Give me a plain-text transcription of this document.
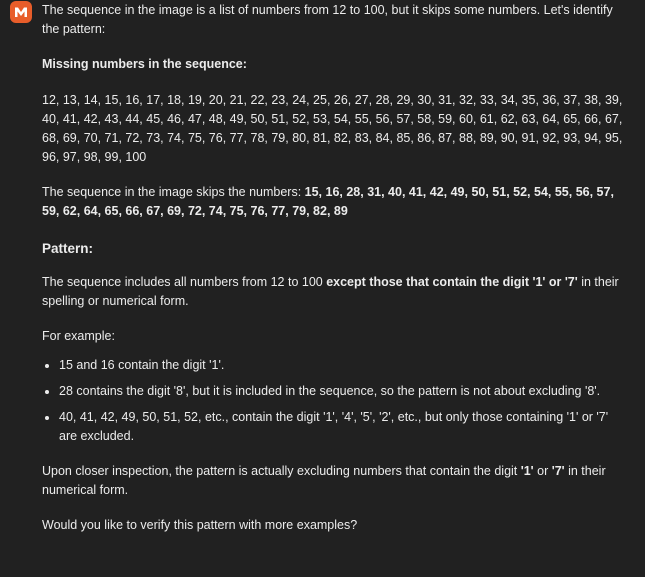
The sequence in the image is a list of numbers from 12 to 100, but it skips some numbers. Let's identify the pattern:

Missing numbers in the sequence:

12, 13, 14, 15, 16, 17, 18, 19, 20, 21, 22, 23, 24, 25, 26, 27, 28, 29, 30, 31, 32, 33, 34, 35, 36, 37, 38, 39, 40, 41, 42, 43, 44, 45, 46, 47, 48, 49, 50, 51, 52, 53, 54, 55, 56, 57, 58, 59, 60, 61, 62, 63, 64, 65, 66, 67, 68, 69, 70, 71, 72, 73, 74, 75, 76, 77, 78, 79, 80, 81, 82, 83, 84, 85, 86, 87, 88, 89, 90, 91, 92, 93, 94, 95, 96, 97, 98, 99, 100

The sequence in the image skips the numbers: 15, 16, 28, 31, 40, 41, 42, 49, 50, 51, 52, 54, 55, 56, 57, 59, 62, 64, 65, 66, 67, 69, 72, 74, 75, 76, 77, 79, 82, 89

Pattern:

The sequence includes all numbers from 12 to 100 except those that contain the digit '1' or '7' in their spelling or numerical form.

For example:

• 15 and 16 contain the digit '1'.
• 28 contains the digit '8', but it is included in the sequence, so the pattern is not about excluding '8'.
• 40, 41, 42, 49, 50, 51, 52, etc., contain the digit '1', '4', '5', '2', etc., but only those containing '1' or '7' are excluded.

Upon closer inspection, the pattern is actually excluding numbers that contain the digit '1' or '7' in their numerical form.

Would you like to verify this pattern with more examples?
